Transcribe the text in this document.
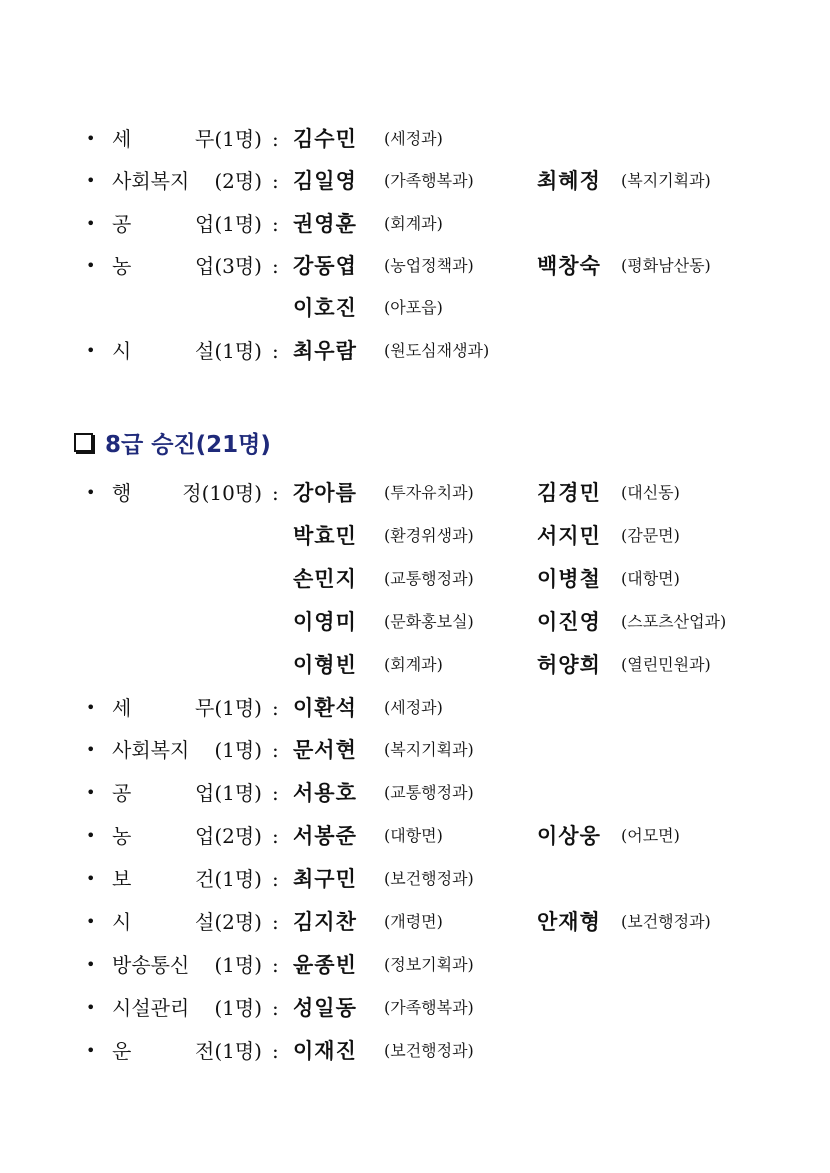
• 세	무(1명) : 김수민 (세정과)
• 사회복지 (2명) : 김일영 (가족행복과)	최혜정 (복지기획과)
• 공	업(1명) : 권영훈 (회계과)
• 농	업(3명) : 강동엽 (농업정책과)	백창숙 (평화남산동)
이호진 (아포읍)
• 시	설(1명) : 최우람 (원도심재생과)
8급 승진(21명)
• 행	정(10명) : 강아름 (투자유치과)	김경민 (대신동)
박효민 (환경위생과)	서지민 (감문면)
손민지 (교통행정과)	이병철 (대항면)
이영미 (문화홍보실)	이진영 (스포츠산업과)
이형빈 (회계과)	허양희 (열린민원과)
• 세	무(1명) : 이환석 (세정과)
• 사회복지 (1명) : 문서현 (복지기획과)
• 공	업(1명) : 서용호 (교통행정과)
• 농	업(2명) : 서봉준 (대항면)	이상웅 (어모면)
• 보	건(1명) : 최구민 (보건행정과)
• 시	설(2명) : 김지찬 (개령면)	안재형 (보건행정과)
• 방송통신 (1명) : 윤종빈 (정보기획과)
• 시설관리 (1명) : 성일동 (가족행복과)
• 운	전(1명) : 이재진 (보건행정과)
